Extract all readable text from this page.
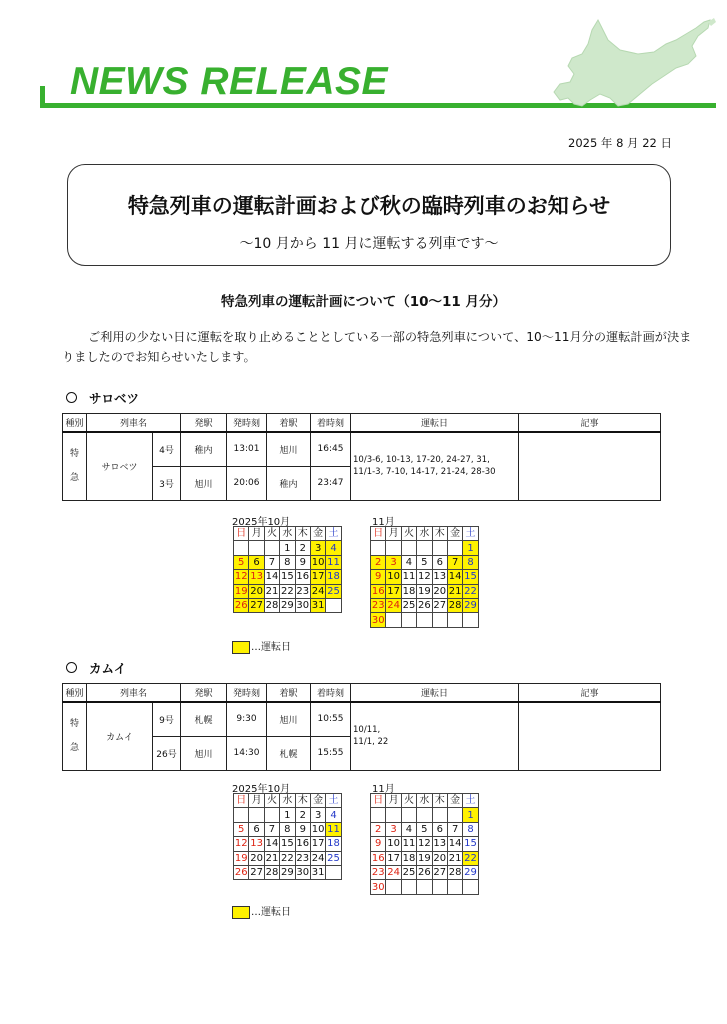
NEWS RELEASE
2025 年 8 月 22 日
特急列車の運転計画および秋の臨時列車のお知らせ
～10 月から 11 月に運転する列車です～
特急列車の運転計画について（10～11 月分）
ご利用の少ない日に運転を取り止めることとしている一部の特急列車について、10～11月分の運転計画が決まりましたのでお知らせいたします。
サロベツ
種別	列車名		発駅	発時刻	着駅	着時刻	運転日	記事
特
急	サロベツ	4号	稚内	13:01	旭川	16:45	10/3-6, 10-13, 17-20, 24-27, 31,
11/1-3, 7-10, 14-17, 21-24, 28-30	
		3号	旭川	20:06	稚内	23:47		
2025年10月
日	月	火	水	木	金	土
			1	2	3	4
5	6	7	8	9	10	11
12	13	14	15	16	17	18
19	20	21	22	23	24	25
26	27	28	29	30	31	
11月
日	月	火	水	木	金	土
						1
2	3	4	5	6	7	8
9	10	11	12	13	14	15
16	17	18	19	20	21	22
23	24	25	26	27	28	29
30						
…運転日
カムイ
種別	列車名		発駅	発時刻	着駅	着時刻	運転日	記事
特
急	カムイ	9号	札幌	9:30	旭川	10:55	10/11,
11/1, 22	
		26号	旭川	14:30	札幌	15:55		
2025年10月
日	月	火	水	木	金	土
			1	2	3	4
5	6	7	8	9	10	11
12	13	14	15	16	17	18
19	20	21	22	23	24	25
26	27	28	29	30	31	
11月
日	月	火	水	木	金	土
						1
2	3	4	5	6	7	8
9	10	11	12	13	14	15
16	17	18	19	20	21	22
23	24	25	26	27	28	29
30						
…運転日
